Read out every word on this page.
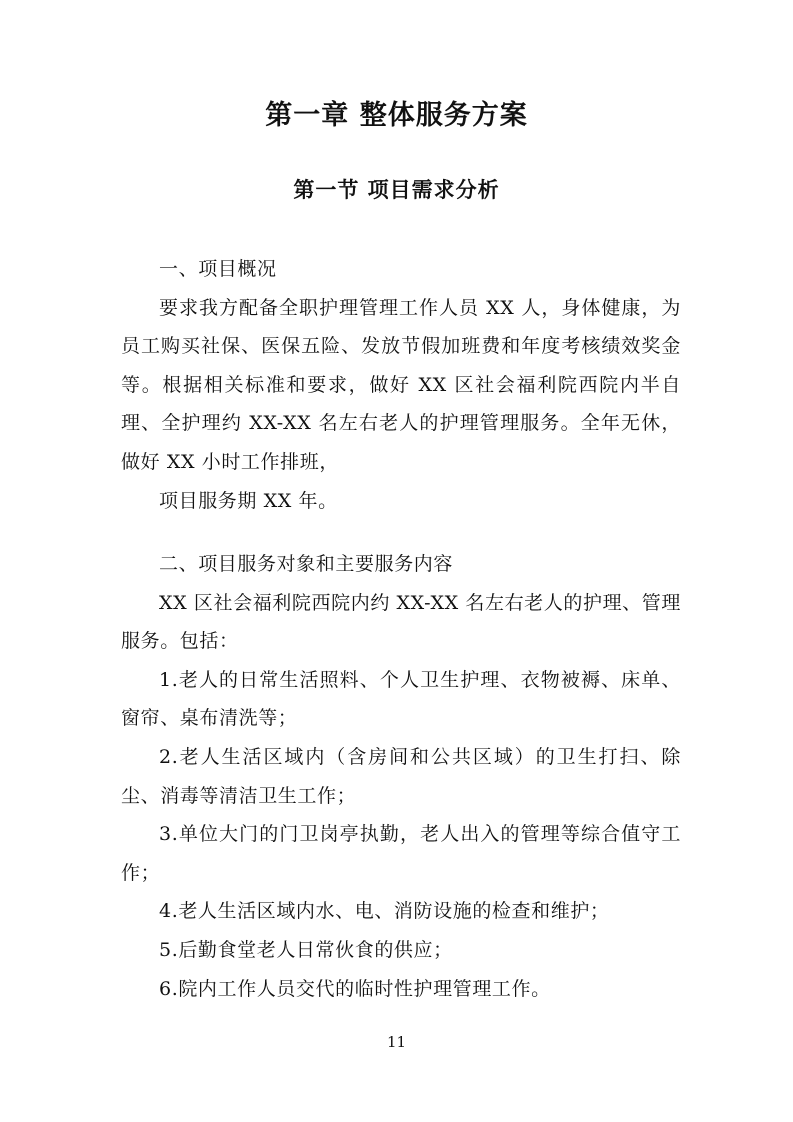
第一章 整体服务方案
第一节 项目需求分析

一、项目概况

要求我方配备全职护理管理工作人员 XX 人，身体健康，为员工购买社保、医保五险、发放节假加班费和年度考核绩效奖金等。根据相关标准和要求，做好 XX 区社会福利院西院内半自理、全护理约 XX-XX 名左右老人的护理管理服务。全年无休，做好 XX 小时工作排班，

项目服务期 XX 年。

二、项目服务对象和主要服务内容

XX 区社会福利院西院内约 XX-XX 名左右老人的护理、管理服务。包括：

1.老人的日常生活照料、个人卫生护理、衣物被褥、床单、窗帘、桌布清洗等；

2.老人生活区域内（含房间和公共区域）的卫生打扫、除尘、消毒等清洁卫生工作；

3.单位大门的门卫岗亭执勤，老人出入的管理等综合值守工作；

4.老人生活区域内水、电、消防设施的检查和维护；

5.后勤食堂老人日常伙食的供应；

6.院内工作人员交代的临时性护理管理工作。

11
